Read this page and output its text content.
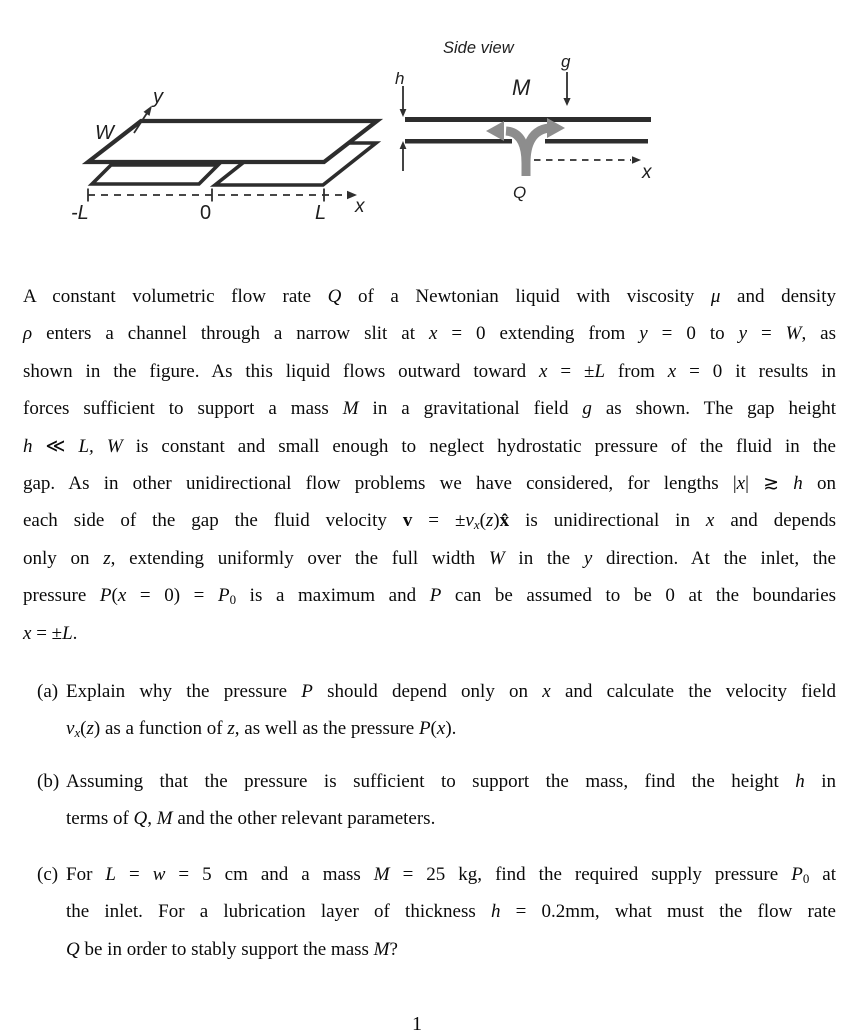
y
W
-L	0	L x
Side view
h	M
g
Q
x
A constant volumetric flow rate Q of a Newtonian liquid with viscosity μ and density
ρ enters a channel through a narrow slit at x = 0 extending from y = 0 to y = W, as
shown in the figure. As this liquid flows outward toward x = ±L from x = 0 it results in
forces sufficient to support a mass M in a gravitational field g as shown. The gap height
h ≪ L, W is constant and small enough to neglect hydrostatic pressure of the fluid in the
gap. As in other unidirectional flow problems we have considered, for lengths |x| ≳ h on
each side of the gap the fluid velocity v = ±vx(z)x̂ is unidirectional in x and depends
only on z, extending uniformly over the full width W in the y direction. At the inlet, the
pressure P(x = 0) = P0 is a maximum and P can be assumed to be 0 at the boundaries
x = ±L.
(a) Explain why the pressure P should depend only on x and calculate the velocity field
vx(z) as a function of z, as well as the pressure P(x).
(b) Assuming that the pressure is sufficient to support the mass, find the height h in
terms of Q, M and the other relevant parameters.
(c) For L = w = 5 cm and a mass M = 25 kg, find the required supply pressure P0 at
the inlet. For a lubrication layer of thickness h = 0.2mm, what must the flow rate
Q be in order to stably support the mass M?
1
